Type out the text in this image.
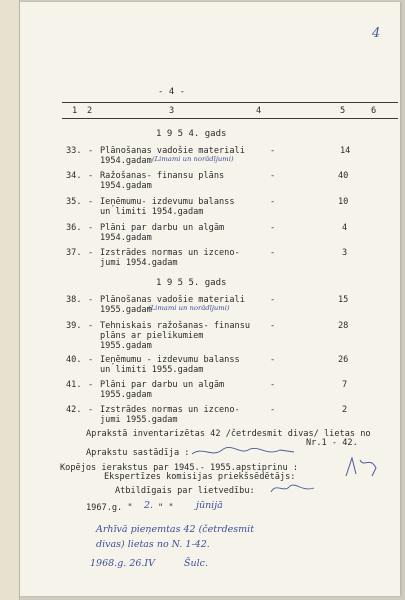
4
- 4 -
1 2	3	4	5	6
1 9 5 4. gads
33. - Plānošanas vadošie materiali
1954.gadam (Limami un norādījumi)
-	14
34. - Ražošanas- finansu plāns
1954.gadam
-	40
35. - Ieņēmumu- izdevumu balanss
un limiti 1954.gadam
-	10
36. - Plāni par darbu un algām
1954.gadam
-	4
37. - Izstrādes normas un izceno-
jumi 1954.gadam
-	3
1 9 5 5. gads
38. - Plānošanas vadošie materiali
1955.gadam
(Limami un norādījumi)
-	15
39. - Tehniskais ražošanas- finansu
plāns ar pielikumiem
1955.gadam
-	28
40. - Ieņēmumu - izdevumu balanss
un limiti 1955.gadam
-	26
41. - Plāni par darbu un algām
1955.gadam
-	7
42. - Izstrādes normas un izceno-
jumi 1955.gadam
-	2
Aprakstā inventarizētas 42 /četrdesmit divas/ lietas no
Nr.1 - 42.
Aprakstu sastādīja :
Kopējos ierakstus par 1945.- 1955.apstiprinu :
Ekspertīzes komisijas priekšsēdētājs:
Atbildīgais par lietvedību:
1967.g. " 2. " " jūnijā
Arhīvā pieņemtas 42 (četrdesmit
divas) lietas no N. 1-42.
1968.g. 26.IV	Šulc.
